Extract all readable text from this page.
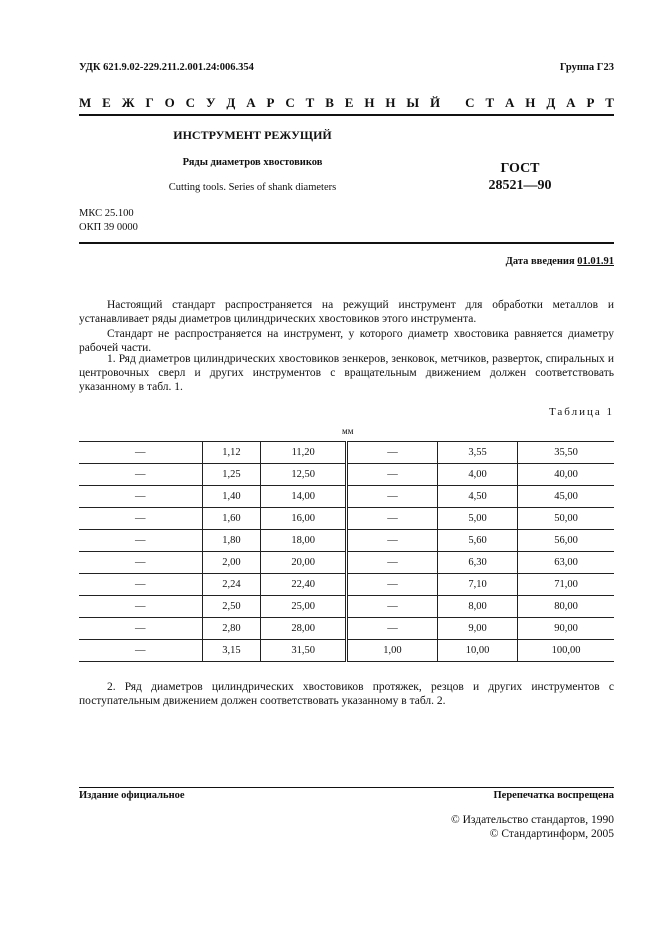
УДК 621.9.02-229.211.2.001.24:006.354	Группа Г23
М Е Ж Г О С У Д А Р С Т В Е Н Н Ы Й
С Т А Н Д А Р Т
ИНСТРУМЕНТ РЕЖУЩИЙ
Ряды диаметров хвостовиков
Cutting tools. Series of shank diameters
ГОСТ
28521—90
МКС 25.100
ОКП 39 0000
Дата введения 01.01.91
Настоящий стандарт распространяется на режущий инструмент для обработки металлов и устанавливает ряды диаметров цилиндрических хвостовиков этого инструмента.
Стандарт не распространяется на инструмент, у которого диаметр хвостовика равняется диаметру рабочей части.
1. Ряд диаметров цилиндрических хвостовиков зенкеров, зенковок, метчиков, разверток, спиральных и центровочных сверл и других инструментов с вращательным движением должен соответствовать указанному в табл. 1.
Таблица 1
мм
—	1,12	11,20	—	3,55	35,50
—	1,25	12,50	—	4,00	40,00
—	1,40	14,00	—	4,50	45,00
—	1,60	16,00	—	5,00	50,00
—	1,80	18,00	—	5,60	56,00
—	2,00	20,00	—	6,30	63,00
—	2,24	22,40	—	7,10	71,00
—	2,50	25,00	—	8,00	80,00
—	2,80	28,00	—	9,00	90,00
—	3,15	31,50	1,00	10,00	100,00
2. Ряд диаметров цилиндрических хвостовиков протяжек, резцов и других инструментов с поступательным движением должен соответствовать указанному в табл. 2.
Издание официальное	Перепечатка воспрещена
© Издательство стандартов, 1990
© Стандартинформ, 2005
